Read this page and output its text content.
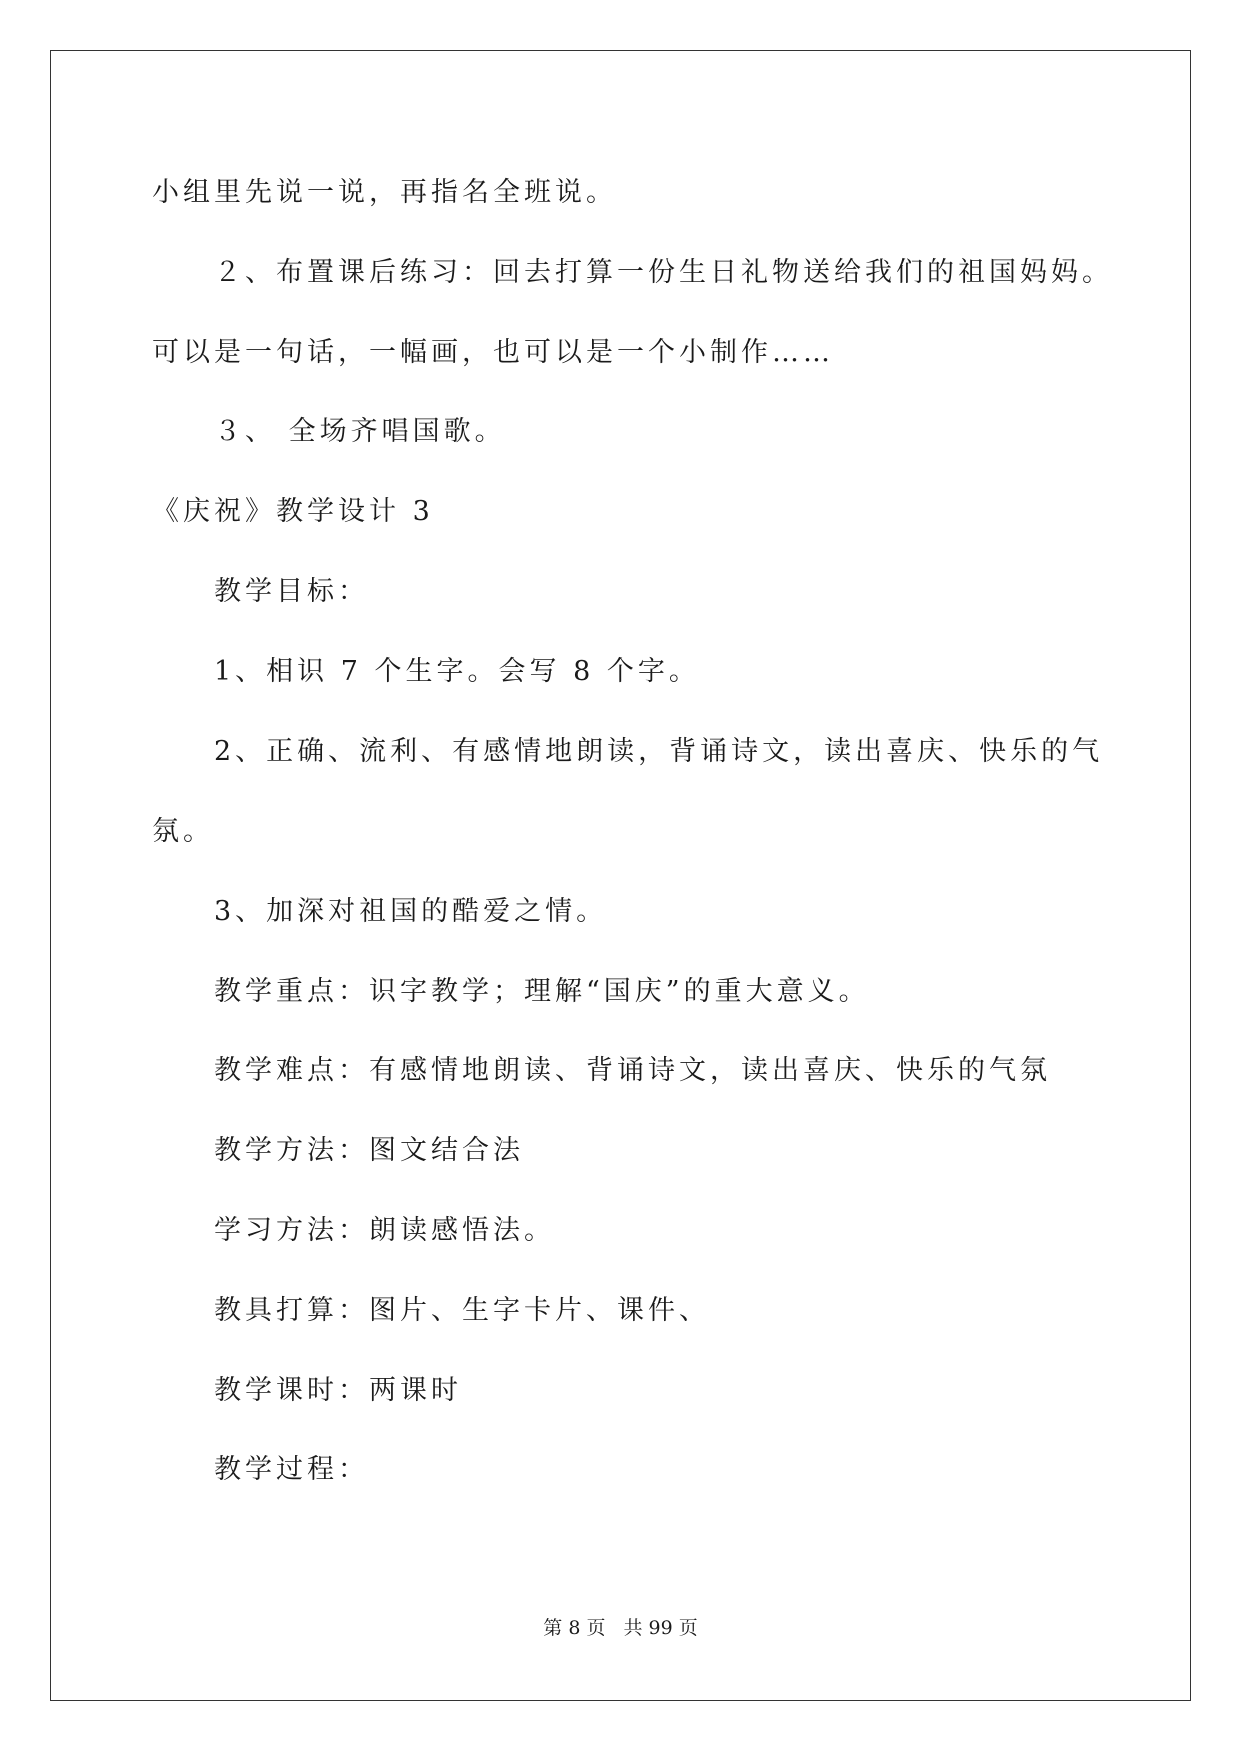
小组里先说一说，再指名全班说。

２、布置课后练习：回去打算一份生日礼物送给我们的祖国妈妈。

可以是一句话，一幅画，也可以是一个小制作……

３、 全场齐唱国歌。

《庆祝》教学设计 3

教学目标：

1、相识 7 个生字。会写 8 个字。

2、正确、流利、有感情地朗读，背诵诗文，读出喜庆、快乐的气

氛。

3、加深对祖国的酷爱之情。

教学重点：识字教学；理解“国庆”的重大意义。

教学难点：有感情地朗读、背诵诗文，读出喜庆、快乐的气氛

教学方法：图文结合法

学习方法：朗读感悟法。

教具打算：图片、生字卡片、课件、

教学课时：两课时

教学过程：

第 8 页 共 99 页
